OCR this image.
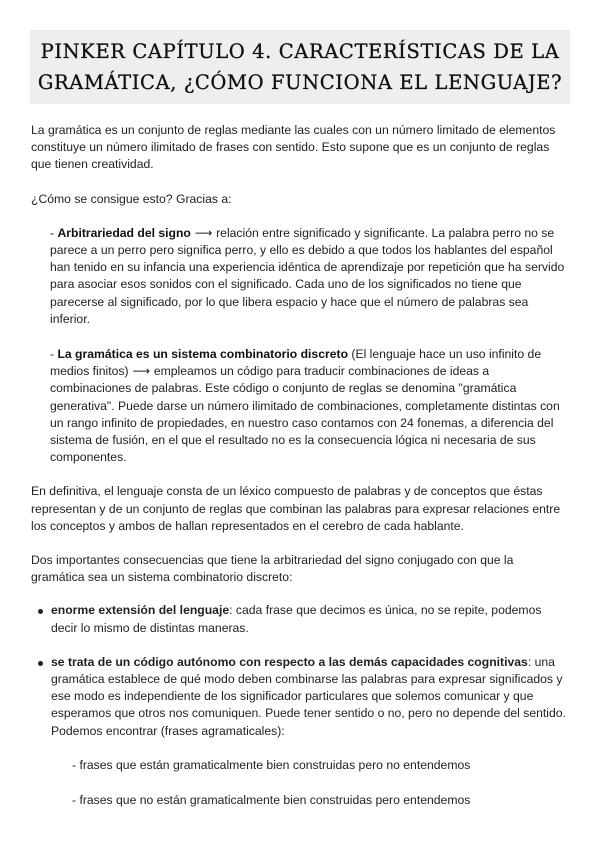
PINKER CAPÍTULO 4. CARACTERÍSTICAS DE LA GRAMÁTICA, ¿CÓMO FUNCIONA EL LENGUAJE?

La gramática es un conjunto de reglas mediante las cuales con un número limitado de elementos constituye un número ilimitado de frases con sentido. Esto supone que es un conjunto de reglas que tienen creatividad.

¿Cómo se consigue esto? Gracias a:

- Arbitrariedad del signo ⟶ relación entre significado y significante. La palabra perro no se parece a un perro pero significa perro, y ello es debido a que todos los hablantes del español han tenido en su infancia una experiencia idéntica de aprendizaje por repetición que ha servido para asociar esos sonidos con el significado. Cada uno de los significados no tiene que parecerse al significado, por lo que libera espacio y hace que el número de palabras sea inferior.

- La gramática es un sistema combinatorio discreto (El lenguaje hace un uso infinito de medios finitos) ⟶ empleamos un código para traducir combinaciones de ideas a combinaciones de palabras. Este código o conjunto de reglas se denomina "gramática generativa". Puede darse un número ilimitado de combinaciones, completamente distintas con un rango infinito de propiedades, en nuestro caso contamos con 24 fonemas, a diferencia del sistema de fusión, en el que el resultado no es la consecuencia lógica ni necesaria de sus componentes.

En definitiva, el lenguaje consta de un léxico compuesto de palabras y de conceptos que éstas representan y de un conjunto de reglas que combinan las palabras para expresar relaciones entre los conceptos y ambos de hallan representados en el cerebro de cada hablante.

Dos importantes consecuencias que tiene la arbitrariedad del signo conjugado con que la gramática sea un sistema combinatorio discreto:

enorme extensión del lenguaje: cada frase que decimos es única, no se repite, podemos decir lo mismo de distintas maneras.
se trata de un código autónomo con respecto a las demás capacidades cognitivas: una gramática establece de qué modo deben combinarse las palabras para expresar significados y ese modo es independiente de los significador particulares que solemos comunicar y que esperamos que otros nos comuniquen. Puede tener sentido o no, pero no depende del sentido. Podemos encontrar (frases agramaticales):

- frases que están gramaticalmente bien construidas pero no entendemos

- frases que no están gramaticalmente bien construidas pero entendemos
